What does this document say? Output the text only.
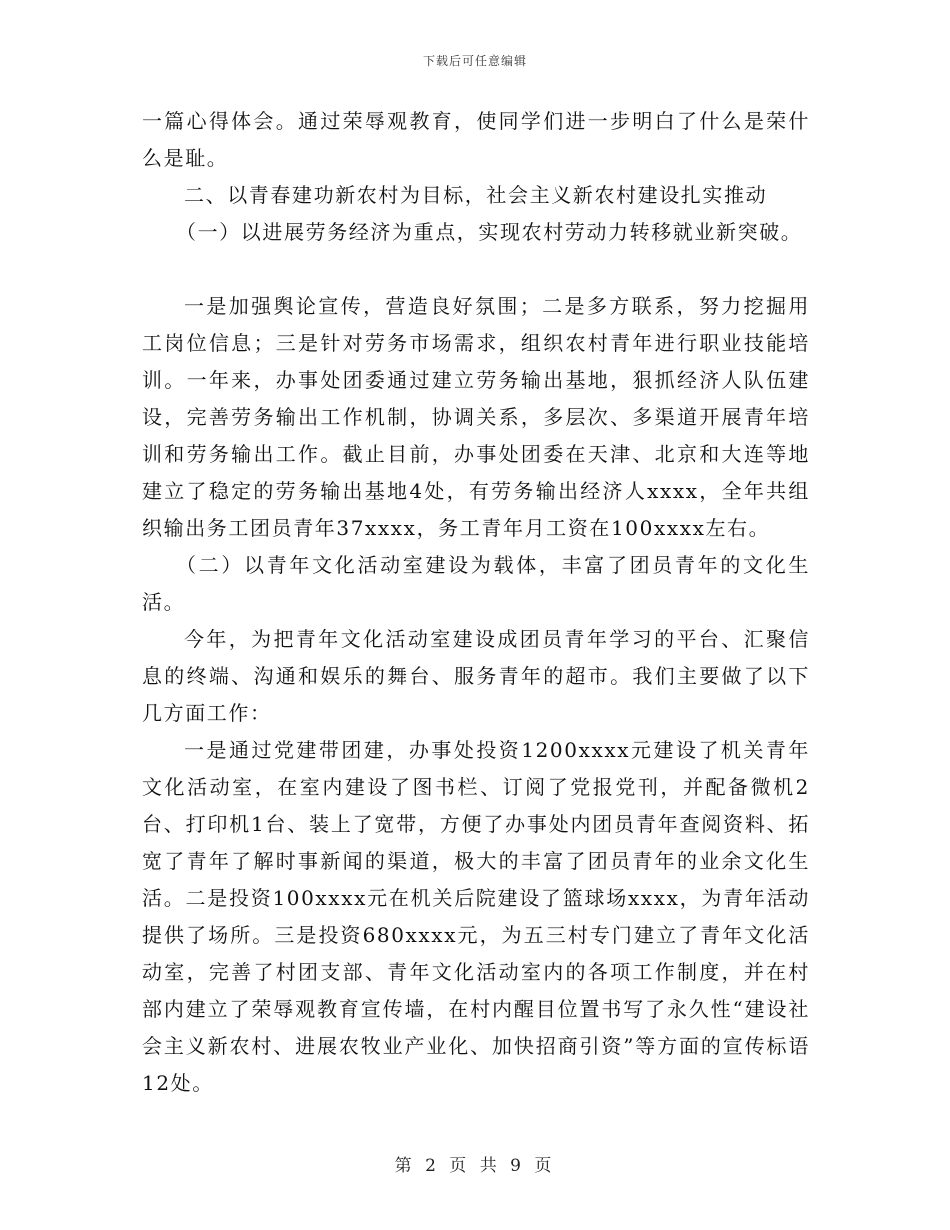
下载后可任意编辑

一篇心得体会。通过荣辱观教育，使同学们进一步明白了什么是荣什么是耻。

二、以青春建功新农村为目标，社会主义新农村建设扎实推动

（一）以进展劳务经济为重点，实现农村劳动力转移就业新突破。

一是加强舆论宣传，营造良好氛围；二是多方联系，努力挖掘用工岗位信息；三是针对劳务市场需求，组织农村青年进行职业技能培训。一年来，办事处团委通过建立劳务输出基地，狠抓经济人队伍建设，完善劳务输出工作机制，协调关系，多层次、多渠道开展青年培训和劳务输出工作。截止目前，办事处团委在天津、北京和大连等地建立了稳定的劳务输出基地4处，有劳务输出经济人xxxx，全年共组织输出务工团员青年37xxxx，务工青年月工资在100xxxx左右。

（二）以青年文化活动室建设为载体，丰富了团员青年的文化生活。

今年，为把青年文化活动室建设成团员青年学习的平台、汇聚信息的终端、沟通和娱乐的舞台、服务青年的超市。我们主要做了以下几方面工作：

一是通过党建带团建，办事处投资1200xxxx元建设了机关青年文化活动室，在室内建设了图书栏、订阅了党报党刊，并配备微机2台、打印机1台、装上了宽带，方便了办事处内团员青年查阅资料、拓宽了青年了解时事新闻的渠道，极大的丰富了团员青年的业余文化生活。二是投资100xxxx元在机关后院建设了篮球场xxxx，为青年活动提供了场所。三是投资680xxxx元，为五三村专门建立了青年文化活动室，完善了村团支部、青年文化活动室内的各项工作制度，并在村部内建立了荣辱观教育宣传墙，在村内醒目位置书写了永久性“建设社会主义新农村、进展农牧业产业化、加快招商引资”等方面的宣传标语12处。

第 2 页 共 9 页
